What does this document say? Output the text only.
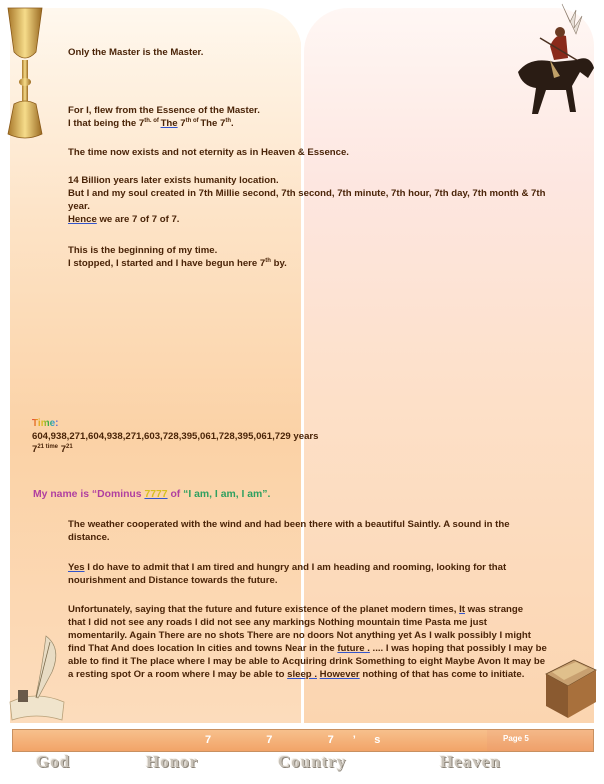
Only the Master is the Master.

For I, flew from the Essence of the Master.

I that being the $7^{th. of}$ The $7^{th of}$ The 7th.

The time now exists and not eternity as in Heaven & Essence.

14 Billion years later exists humanity location.

But I and my soul created in 7th Millie second, 7th second, 7th minute, 7th hour, 7th day, 7th month & 7th

year.

Hence we are 7 of 7 of 7.

This is the beginning of my time.

I stopped, I started and I have begun here 7th by.

Time:

604,938,271,604,938,271,603,728,395,061,728,395,061,729 years

$7^{21 time}$ $7^{21}$

My name is “Dominus 7777 of “I am, I am, I am”.

The weather cooperated with the wind and had been there with a beautiful Saintly. A sound in the

distance.

Yes I do have to admit that I am tired and hungry and I am heading and rooming, looking for that

nourishment and Distance towards the future.

Unfortunately, saying that the future and future existence of the planet modern times, It was strange

that I did not see any roads I did not see any markings Nothing mountain time Pasta me just

momentarily. Again There are no shots There are no doors Not anything yet As I walk possibly I might

find That And does location In cities and towns Near in the future . .... I was hoping that possibly I may be

able to find it The place where I may be able to Acquiring drink Something to eight Maybe Avon It may be

a resting spot Or a room where I may be able to sleep . However nothing of that has come to initiate.

7   7   7 ’ s	Page 5
God	Honor	Country	Heaven
